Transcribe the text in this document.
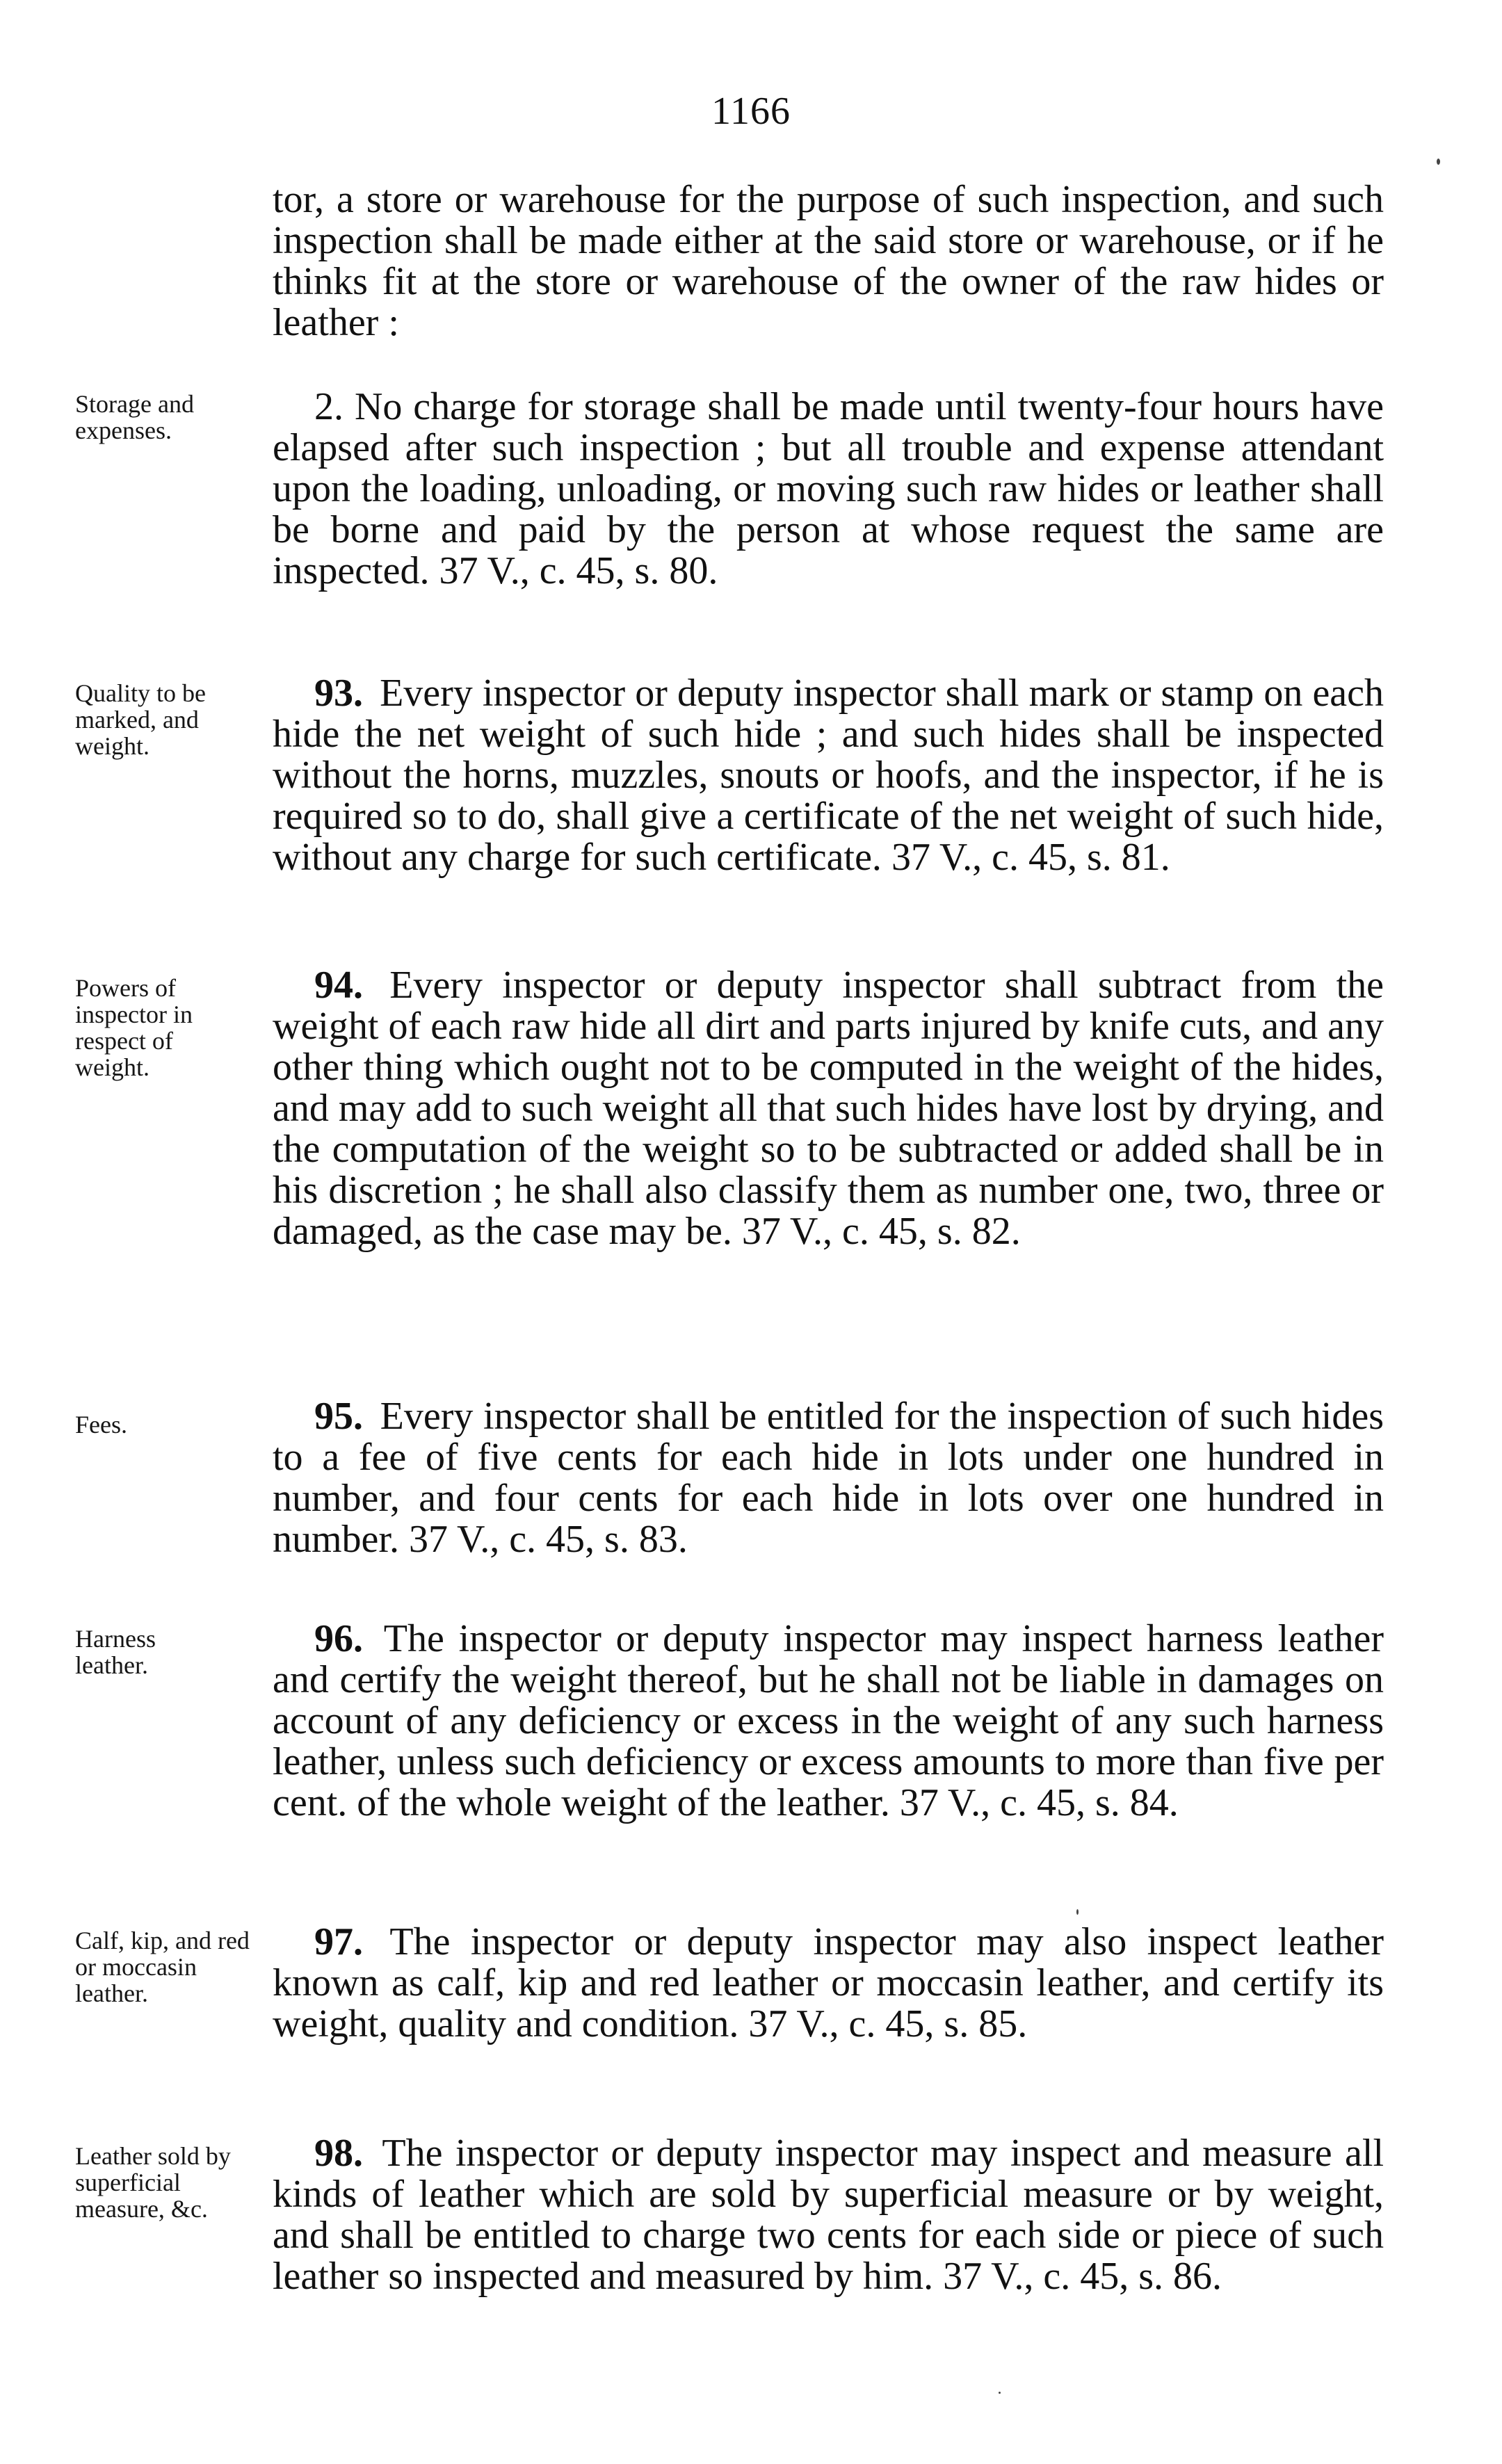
1166
tor, a store or warehouse for the purpose of such inspection, and such inspection shall be made either at the said store or warehouse, or if he thinks fit at the store or warehouse of the owner of the raw hides or leather :
Storage and expenses.
2. No charge for storage shall be made until twenty-four hours have elapsed after such inspection ; but all trouble and expense attendant upon the loading, unloading, or moving such raw hides or leather shall be borne and paid by the person at whose request the same are inspected. 37 V., c. 45, s. 80.
Quality to be marked, and weight.
93. Every inspector or deputy inspector shall mark or stamp on each hide the net weight of such hide ; and such hides shall be inspected without the horns, muzzles, snouts or hoofs, and the inspector, if he is required so to do, shall give a certificate of the net weight of such hide, without any charge for such certificate. 37 V., c. 45, s. 81.
Powers of inspector in respect of weight.
94. Every inspector or deputy inspector shall subtract from the weight of each raw hide all dirt and parts injured by knife cuts, and any other thing which ought not to be computed in the weight of the hides, and may add to such weight all that such hides have lost by drying, and the computation of the weight so to be subtracted or added shall be in his discretion ; he shall also classify them as number one, two, three or damaged, as the case may be. 37 V., c. 45, s. 82.
Fees.	95. Every inspector shall be entitled for the inspection of such hides to a fee of five cents for each hide in lots under one hundred in number, and four cents for each hide in lots over one hundred in number. 37 V., c. 45, s. 83.
Harness leather.
96. The inspector or deputy inspector may inspect harness leather and certify the weight thereof, but he shall not be liable in damages on account of any deficiency or excess in the weight of any such harness leather, unless such deficiency or excess amounts to more than five per cent. of the whole weight of the leather. 37 V., c. 45, s. 84.
Calf, kip, and red or moccasin leather.
97. The inspector or deputy inspector may also inspect leather known as calf, kip and red leather or moccasin leather, and certify its weight, quality and condition. 37 V., c. 45, s. 85.
Leather sold by superficial measure, &c.
98. The inspector or deputy inspector may inspect and measure all kinds of leather which are sold by superficial measure or by weight, and shall be entitled to charge two cents for each side or piece of such leather so inspected and measured by him. 37 V., c. 45, s. 86.
